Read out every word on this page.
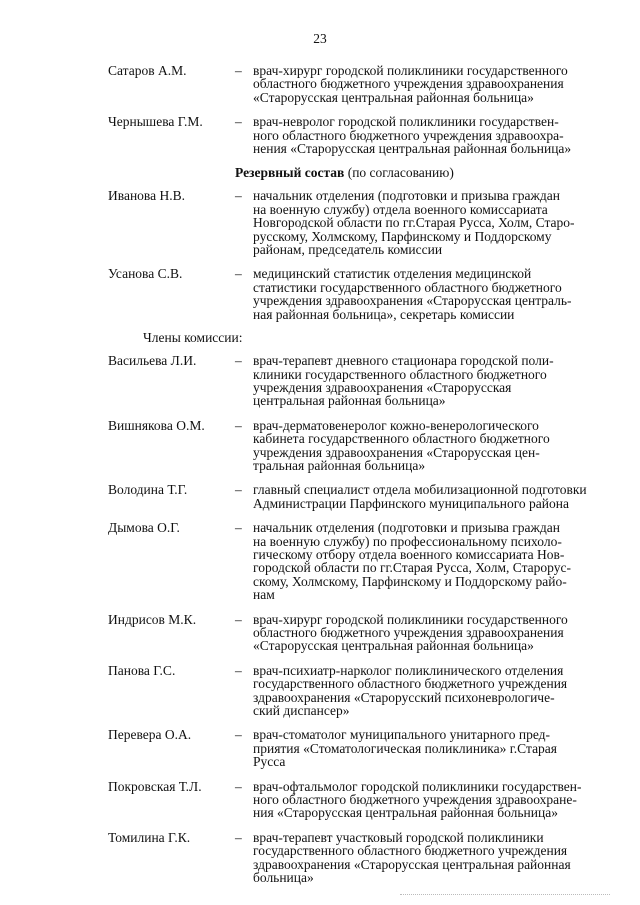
23
Сатаров А.М.	– врач-хирург городской поликлиники государственного
областного бюджетного учреждения здравоохранения
«Старорусская центральная районная больница»
Чернышева Г.М.	– врач-невролог городской поликлиники государствен-
ного областного бюджетного учреждения здравоохра-
нения «Старорусская центральная районная больница»
Резервный состав (по согласованию)
Иванова Н.В.	– начальник отделения (подготовки и призыва граждан
на военную службу) отдела военного комиссариата
Новгородской области по гг.Старая Русса, Холм, Старо-
русскому, Холмскому, Парфинскому и Поддорскому
районам, председатель комиссии
Усанова С.В.	– медицинский статистик отделения медицинской
статистики государственного областного бюджетного
учреждения здравоохранения «Старорусская централь-
ная районная больница», секретарь комиссии
Члены комиссии:
Васильева Л.И.	– врач-терапевт дневного стационара городской поли-
клиники государственного областного бюджетного
учреждения здравоохранения «Старорусская
центральная районная больница»
Вишнякова О.М.	– врач-дерматовенеролог кожно-венерологического
кабинета государственного областного бюджетного
учреждения здравоохранения «Старорусская цен-
тральная районная больница»
Володина Т.Г.	– главный специалист отдела мобилизационной подготовки
Администрации Парфинского муниципального района
Дымова О.Г.	– начальник отделения (подготовки и призыва граждан
на военную службу) по профессиональному психоло-
гическому отбору отдела военного комиссариата Нов-
городской области по гг.Старая Русса, Холм, Старорус-
скому, Холмскому, Парфинскому и Поддорскому райо-
нам
Индрисов М.К.	– врач-хирург городской поликлиники государственного
областного бюджетного учреждения здравоохранения
«Старорусская центральная районная больница»
Панова Г.С.	– врач-психиатр-нарколог поликлинического отделения
государственного областного бюджетного учреждения
здравоохранения «Старорусский психоневрологиче-
ский диспансер»
Перевера О.А.	– врач-стоматолог муниципального унитарного пред-
приятия «Стоматологическая поликлиника» г.Старая
Русса
Покровская Т.Л.	– врач-офтальмолог городской поликлиники государствен-
ного областного бюджетного учреждения здравоохране-
ния «Старорусская центральная районная больница»
Томилина Г.К.	– врач-терапевт участковый городской поликлиники
государственного областного бюджетного учреждения
здравоохранения «Старорусская центральная районная
больница»
